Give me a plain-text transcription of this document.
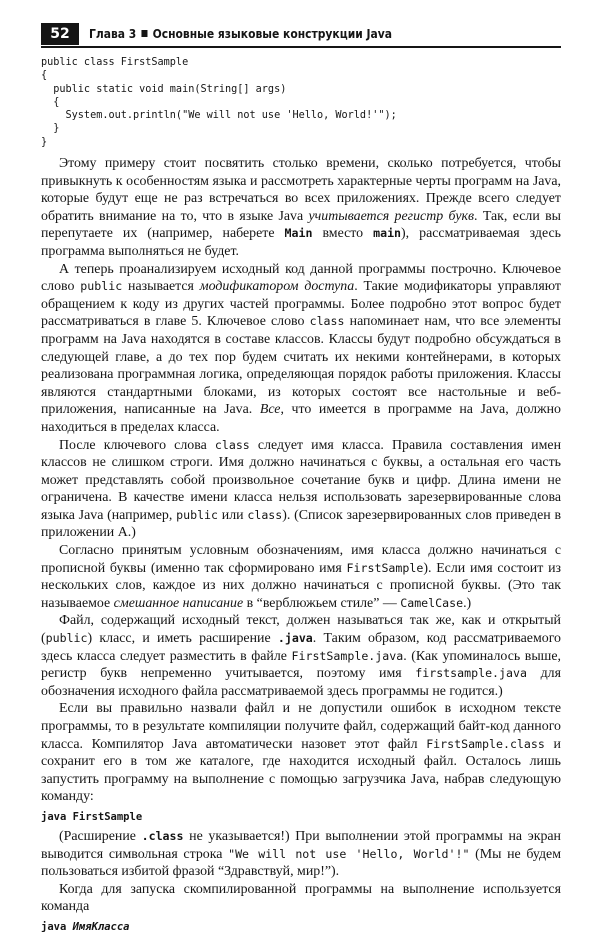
52	Глава 3 Основные языковые конструкции Java
public class FirstSample
{
public static void main(String[] args)
{
System.out.println("We will not use 'Hello, World!'");
}
}

Этому примеру стоит посвятить столько времени, сколько потребуется, чтобы привыкнуть к особенностям языка и рассмотреть характерные черты программ на Java, которые будут еще не раз встречаться во всех приложениях. Прежде всего следует обратить внимание на то, что в языке Java учитывается регистр букв. Так, если вы перепутаете их (например, наберете Main вместо main), рассматриваемая здесь программа выполняться не будет.

А теперь проанализируем исходный код данной программы построчно. Ключевое слово public называется модификатором доступа. Такие модификаторы управляют обращением к коду из других частей программы. Более подробно этот вопрос будет рассматриваться в главе 5. Ключевое слово class напоминает нам, что все элементы программ на Java находятся в составе классов. Классы будут подробно обсуждаться в следующей главе, а до тех пор будем считать их некими контейнерами, в которых реализована программная логика, определяющая порядок работы приложения. Классы являются стандартными блоками, из которых состоят все настольные и веб-приложения, написанные на Java. Все, что имеется в программе на Java, должно находиться в пределах класса.

После ключевого слова class следует имя класса. Правила составления имен классов не слишком строги. Имя должно начинаться с буквы, а остальная его часть может представлять собой произвольное сочетание букв и цифр. Длина имени не ограничена. В качестве имени класса нельзя использовать зарезервированные слова языка Java (например, public или class). (Список зарезервированных слов приведен в приложении А.)

Согласно принятым условным обозначениям, имя класса должно начинаться с прописной буквы (именно так сформировано имя FirstSample). Если имя состоит из нескольких слов, каждое из них должно начинаться с прописной буквы. (Это так называемое смешанное написание в “верблюжьем стиле” — CamelCase.)

Файл, содержащий исходный текст, должен называться так же, как и открытый (public) класс, и иметь расширение .java. Таким образом, код рассматриваемого здесь класса следует разместить в файле FirstSample.java. (Как упоминалось выше, регистр букв непременно учитывается, поэтому имя firstsample.java для обозначения исходного файла рассматриваемой здесь программы не годится.)

Если вы правильно назвали файл и не допустили ошибок в исходном тексте программы, то в результате компиляции получите файл, содержащий байт-код данного класса. Компилятор Java автоматически назовет этот файл FirstSample.class и сохранит его в том же каталоге, где находится исходный файл. Осталось лишь запустить программу на выполнение с помощью загрузчика Java, набрав следующую команду:

java FirstSample

(Расширение .class не указывается!) При выполнении этой программы на экран выводится символьная строка "We will not use 'Hello, World'!" (Мы не будем пользоваться избитой фразой “Здравствуй, мир!”).

Когда для запуска скомпилированной программы на выполнение используется команда

java ИмяКласса
